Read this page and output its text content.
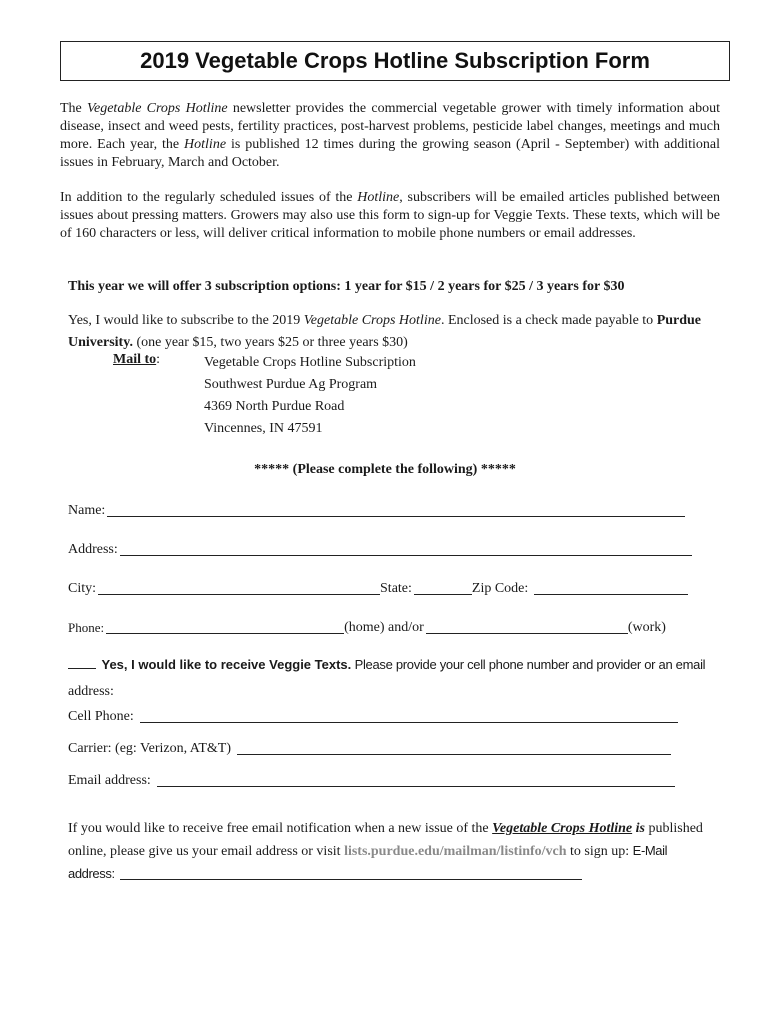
2019 Vegetable Crops Hotline Subscription Form

The Vegetable Crops Hotline newsletter provides the commercial vegetable grower with timely information about disease, insect and weed pests, fertility practices, post-harvest problems, pesticide label changes, meetings and much more. Each year, the Hotline is published 12 times during the growing season (April - September) with additional issues in February, March and October.

In addition to the regularly scheduled issues of the Hotline, subscribers will be emailed articles published between issues about pressing matters. Growers may also use this form to sign-up for Veggie Texts. These texts, which will be of 160 characters or less, will deliver critical information to mobile phone numbers or email addresses.

This year we will offer 3 subscription options: 1 year for $15 / 2 years for $25 / 3 years for $30

Yes, I would like to subscribe to the 2019 Vegetable Crops Hotline. Enclosed is a check made payable to Purdue University. (one year $15, two years $25 or three years $30)

Mail to:	Vegetable Crops Hotline Subscription
Southwest Purdue Ag Program
4369 North Purdue Road
Vincennes, IN 47591

***** (Please complete the following) *****

Name:
Address:
City:	State:	Zip Code:
Phone:	(home) and/or	(work)

Yes, I would like to receive Veggie Texts. Please provide your cell phone number and provider or an email
address:

Cell Phone:
Carrier: (eg: Verizon, AT&T)
Email address:

If you would like to receive free email notification when a new issue of the Vegetable Crops Hotline is published online, please give us your email address or visit lists.purdue.edu/mailman/listinfo/vch to sign up: E-Mail address:
